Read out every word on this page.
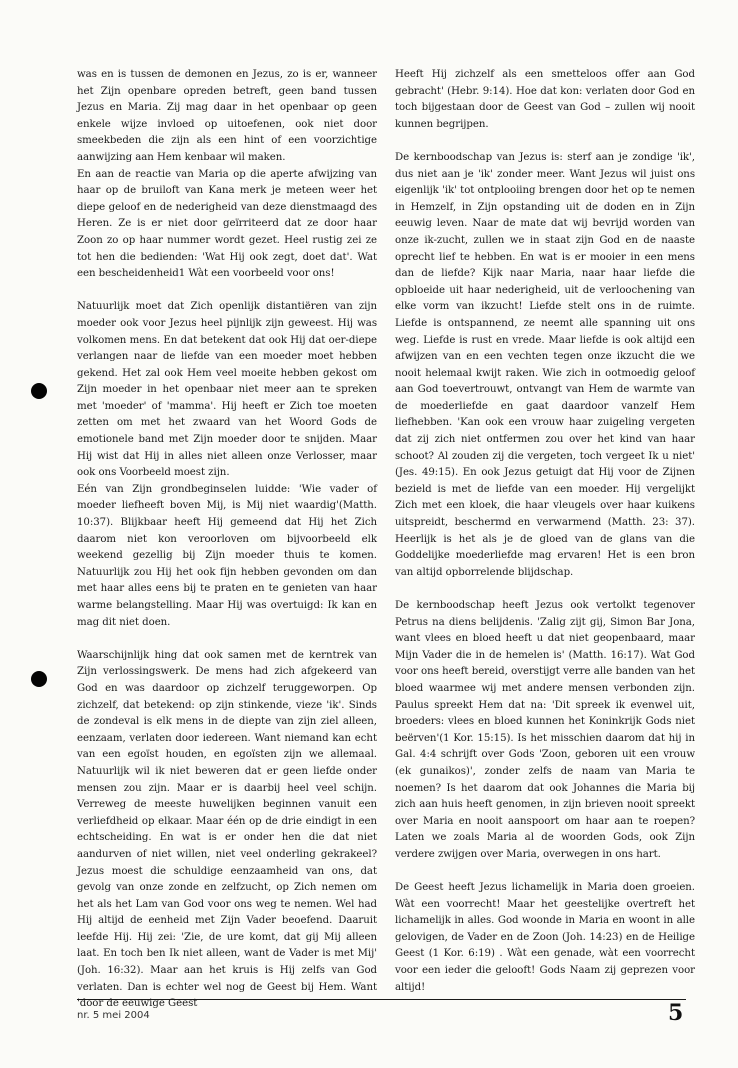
was en is tussen de demonen en Jezus, zo is er, wanneer het Zijn openbare opreden betreft, geen band tussen Jezus en Maria. Zij mag daar in het openbaar op geen enkele wijze invloed op uitoefenen, ook niet door smeekbeden die zijn als een hint of een voorzichtige aanwijzing aan Hem kenbaar wil maken.

En aan de reactie van Maria op die aperte afwijzing van haar op de bruiloft van Kana merk je meteen weer het diepe geloof en de nederigheid van deze dienstmaagd des Heren. Ze is er niet door geïrriteerd dat ze door haar Zoon zo op haar nummer wordt gezet. Heel rustig zei ze tot hen die bedienden: 'Wat Hij ook zegt, doet dat'. Wat een bescheidenheid1 Wàt een voorbeeld voor ons!

Natuurlijk moet dat Zich openlijk distantiëren van zijn moeder ook voor Jezus heel pijnlijk zijn geweest. Hij was volkomen mens. En dat betekent dat ook Hij dat oer-diepe verlangen naar de liefde van een moeder moet hebben gekend. Het zal ook Hem veel moeite hebben gekost om Zijn moeder in het openbaar niet meer aan te spreken met 'moeder' of 'mamma'. Hij heeft er Zich toe moeten zetten om met het zwaard van het Woord Gods de emotionele band met Zijn moeder door te snijden. Maar Hij wist dat Hij in alles niet alleen onze Verlosser, maar ook ons Voorbeeld moest zijn.

Eén van Zijn grondbeginselen luidde: 'Wie vader of moeder liefheeft boven Mij, is Mij niet waardig'(Matth. 10:37). Blijkbaar heeft Hij gemeend dat Hij het Zich daarom niet kon veroorloven om bijvoorbeeld elk weekend gezellig bij Zijn moeder thuis te komen. Natuurlijk zou Hij het ook fijn hebben gevonden om dan met haar alles eens bij te praten en te genieten van haar warme belangstelling. Maar Hij was overtuigd: Ik kan en mag dit niet doen.

Waarschijnlijk hing dat ook samen met de kerntrek van Zijn verlossingswerk. De mens had zich afgekeerd van God en was daardoor op zichzelf teruggeworpen. Op zichzelf, dat betekend: op zijn stinkende, vieze 'ik'. Sinds de zondeval is elk mens in de diepte van zijn ziel alleen, eenzaam, verlaten door iedereen. Want niemand kan echt van een egoïst houden, en egoïsten zijn we allemaal. Natuurlijk wil ik niet beweren dat er geen liefde onder mensen zou zijn. Maar er is daarbij heel veel schijn. Verreweg de meeste huwelijken beginnen vanuit een verliefdheid op elkaar. Maar één op de drie eindigt in een echtscheiding. En wat is er onder hen die dat niet aandurven of niet willen, niet veel onderling gekrakeel? Jezus moest die schuldige eenzaamheid van ons, dat gevolg van onze zonde en zelfzucht, op Zich nemen om het als het Lam van God voor ons weg te nemen. Wel had Hij altijd de eenheid met Zijn Vader beoefend. Daaruit leefde Hij. Hij zei: 'Zie, de ure komt, dat gij Mij alleen laat. En toch ben Ik niet alleen, want de Vader is met Mij' (Joh. 16:32). Maar aan het kruis is Hij zelfs van God verlaten. Dan is echter wel nog de Geest bij Hem. Want 'door de eeuwige Geest

Heeft Hij zichzelf als een smetteloos offer aan God gebracht' (Hebr. 9:14). Hoe dat kon: verlaten door God en toch bijgestaan door de Geest van God – zullen wij nooit kunnen begrijpen.

De kernboodschap van Jezus is: sterf aan je zondige 'ik', dus niet aan je 'ik' zonder meer. Want Jezus wil juist ons eigenlijk 'ik' tot ontplooiing brengen door het op te nemen in Hemzelf, in Zijn opstanding uit de doden en in Zijn eeuwig leven. Naar de mate dat wij bevrijd worden van onze ik-zucht, zullen we in staat zijn God en de naaste oprecht lief te hebben. En wat is er mooier in een mens dan de liefde? Kijk naar Maria, naar haar liefde die opbloeide uit haar nederigheid, uit de verloochening van elke vorm van ikzucht! Liefde stelt ons in de ruimte. Liefde is ontspannend, ze neemt alle spanning uit ons weg. Liefde is rust en vrede. Maar liefde is ook altijd een afwijzen van en een vechten tegen onze ikzucht die we nooit helemaal kwijt raken. Wie zich in ootmoedig geloof aan God toevertrouwt, ontvangt van Hem de warmte van de moederliefde en gaat daardoor vanzelf Hem liefhebben. 'Kan ook een vrouw haar zuigeling vergeten dat zij zich niet ontfermen zou over het kind van haar schoot? Al zouden zij die vergeten, toch vergeet Ik u niet' (Jes. 49:15). En ook Jezus getuigt dat Hij voor de Zijnen bezield is met de liefde van een moeder. Hij vergelijkt Zich met een kloek, die haar vleugels over haar kuikens uitspreidt, beschermd en verwarmend (Matth. 23: 37). Heerlijk is het als je de gloed van de glans van die Goddelijke moederliefde mag ervaren! Het is een bron van altijd opborrelende blijdschap.

De kernboodschap heeft Jezus ook vertolkt tegenover Petrus na diens belijdenis. 'Zalig zijt gij, Simon Bar Jona, want vlees en bloed heeft u dat niet geopenbaard, maar Mijn Vader die in de hemelen is' (Matth. 16:17). Wat God voor ons heeft bereid, overstijgt verre alle banden van het bloed waarmee wij met andere mensen verbonden zijn. Paulus spreekt Hem dat na: 'Dit spreek ik evenwel uit, broeders: vlees en bloed kunnen het Koninkrijk Gods niet beërven'(1 Kor. 15:15). Is het misschien daarom dat hij in Gal. 4:4 schrijft over Gods 'Zoon, geboren uit een vrouw (ek gunaikos)', zonder zelfs de naam van Maria te noemen? Is het daarom dat ook Johannes die Maria bij zich aan huis heeft genomen, in zijn brieven nooit spreekt over Maria en nooit aanspoort om haar aan te roepen? Laten we zoals Maria al de woorden Gods, ook Zijn verdere zwijgen over Maria, overwegen in ons hart.

De Geest heeft Jezus lichamelijk in Maria doen groeien. Wàt een voorrecht! Maar het geestelijke overtreft het lichamelijk in alles. God woonde in Maria en woont in alle gelovigen, de Vader en de Zoon (Joh. 14:23) en de Heilige Geest (1 Kor. 6:19) . Wàt een genade, wàt een voorrecht voor een ieder die gelooft! Gods Naam zij geprezen voor altijd!

nr. 5 mei 2004	5
